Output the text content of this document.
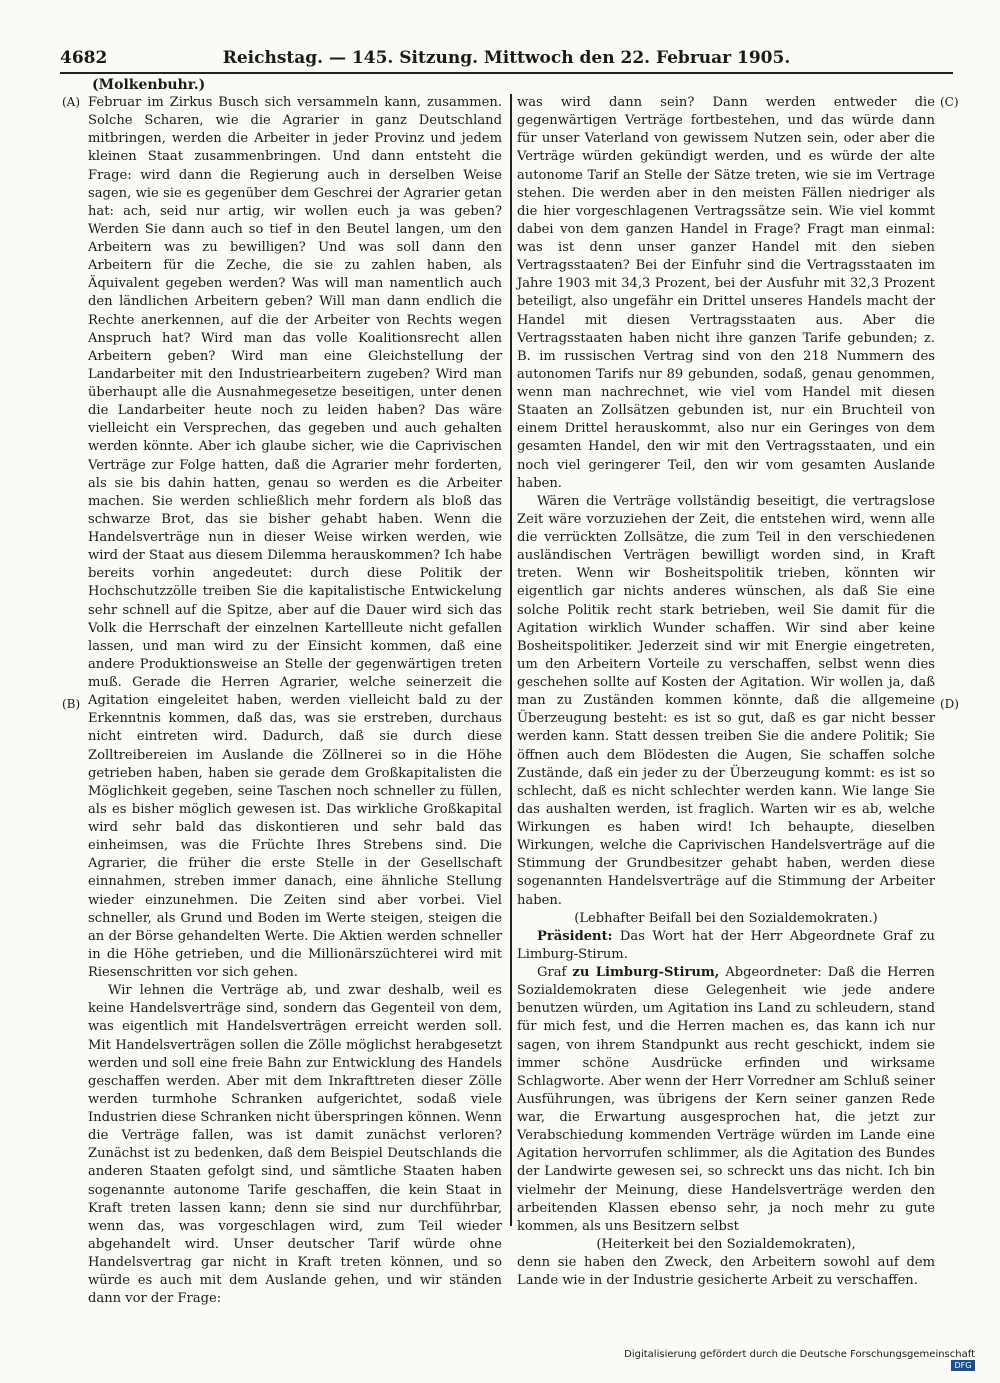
4682	Reichstag. — 145. Sitzung. Mittwoch den 22. Februar 1905.
(Molkenbuhr.)
(A)
(B)
(C)
(D)

Februar im Zirkus Busch sich versammeln kann, zusammen. Solche Scharen, wie die Agrarier in ganz Deutschland mitbringen, werden die Arbeiter in jeder Provinz und jedem kleinen Staat zusammenbringen. Und dann entsteht die Frage: wird dann die Regierung auch in derselben Weise sagen, wie sie es gegenüber dem Geschrei der Agrarier getan hat: ach, seid nur artig, wir wollen euch ja was geben? Werden Sie dann auch so tief in den Beutel langen, um den Arbeitern was zu bewilligen? Und was soll dann den Arbeitern für die Zeche, die sie zu zahlen haben, als Äquivalent gegeben werden? Was will man namentlich auch den ländlichen Arbeitern geben? Will man dann endlich die Rechte anerkennen, auf die der Arbeiter von Rechts wegen Anspruch hat? Wird man das volle Koalitionsrecht allen Arbeitern geben? Wird man eine Gleichstellung der Landarbeiter mit den Industriearbeitern zugeben? Wird man überhaupt alle die Ausnahmegesetze beseitigen, unter denen die Landarbeiter heute noch zu leiden haben? Das wäre vielleicht ein Versprechen, das gegeben und auch gehalten werden könnte. Aber ich glaube sicher, wie die Caprivischen Verträge zur Folge hatten, daß die Agrarier mehr forderten, als sie bis dahin hatten, genau so werden es die Arbeiter machen. Sie werden schließlich mehr fordern als bloß das schwarze Brot, das sie bisher gehabt haben. Wenn die Handelsverträge nun in dieser Weise wirken werden, wie wird der Staat aus diesem Dilemma herauskommen? Ich habe bereits vorhin angedeutet: durch diese Politik der Hochschutzzölle treiben Sie die kapitalistische Entwickelung sehr schnell auf die Spitze, aber auf die Dauer wird sich das Volk die Herrschaft der einzelnen Kartellleute nicht gefallen lassen, und man wird zu der Einsicht kommen, daß eine andere Produktionsweise an Stelle der gegenwärtigen treten muß. Gerade die Herren Agrarier, welche seinerzeit die Agitation eingeleitet haben, werden vielleicht bald zu der Erkenntnis kommen, daß das, was sie erstreben, durchaus nicht eintreten wird. Dadurch, daß sie durch diese Zolltreibereien im Auslande die Zöllnerei so in die Höhe getrieben haben, haben sie gerade dem Großkapitalisten die Möglichkeit gegeben, seine Taschen noch schneller zu füllen, als es bisher möglich gewesen ist. Das wirkliche Großkapital wird sehr bald das diskontieren und sehr bald das einheimsen, was die Früchte Ihres Strebens sind. Die Agrarier, die früher die erste Stelle in der Gesellschaft einnahmen, streben immer danach, eine ähnliche Stellung wieder einzunehmen. Die Zeiten sind aber vorbei. Viel schneller, als Grund und Boden im Werte steigen, steigen die an der Börse gehandelten Werte. Die Aktien werden schneller in die Höhe getrieben, und die Millionärszüchterei wird mit Riesenschritten vor sich gehen.

Wir lehnen die Verträge ab, und zwar deshalb, weil es keine Handelsverträge sind, sondern das Gegenteil von dem, was eigentlich mit Handelsverträgen erreicht werden soll. Mit Handelsverträgen sollen die Zölle möglichst herabgesetzt werden und soll eine freie Bahn zur Entwicklung des Handels geschaffen werden. Aber mit dem Inkrafttreten dieser Zölle werden turmhohe Schranken aufgerichtet, sodaß viele Industrien diese Schranken nicht überspringen können. Wenn die Verträge fallen, was ist damit zunächst verloren? Zunächst ist zu bedenken, daß dem Beispiel Deutschlands die anderen Staaten gefolgt sind, und sämtliche Staaten haben sogenannte autonome Tarife geschaffen, die kein Staat in Kraft treten lassen kann; denn sie sind nur durchführbar, wenn das, was vorgeschlagen wird, zum Teil wieder abgehandelt wird. Unser deutscher Tarif würde ohne Handelsvertrag gar nicht in Kraft treten können, und so würde es auch mit dem Auslande gehen, und wir ständen dann vor der Frage:

was wird dann sein? Dann werden entweder die gegenwärtigen Verträge fortbestehen, und das würde dann für unser Vaterland von gewissem Nutzen sein, oder aber die Verträge würden gekündigt werden, und es würde der alte autonome Tarif an Stelle der Sätze treten, wie sie im Vertrage stehen. Die werden aber in den meisten Fällen niedriger als die hier vorgeschlagenen Vertragssätze sein. Wie viel kommt dabei von dem ganzen Handel in Frage? Fragt man einmal: was ist denn unser ganzer Handel mit den sieben Vertragsstaaten? Bei der Einfuhr sind die Vertragsstaaten im Jahre 1903 mit 34,3 Prozent, bei der Ausfuhr mit 32,3 Prozent beteiligt, also ungefähr ein Drittel unseres Handels macht der Handel mit diesen Vertragsstaaten aus. Aber die Vertragsstaaten haben nicht ihre ganzen Tarife gebunden; z. B. im russischen Vertrag sind von den 218 Nummern des autonomen Tarifs nur 89 gebunden, sodaß, genau genommen, wenn man nachrechnet, wie viel vom Handel mit diesen Staaten an Zollsätzen gebunden ist, nur ein Bruchteil von einem Drittel herauskommt, also nur ein Geringes von dem gesamten Handel, den wir mit den Vertragsstaaten, und ein noch viel geringerer Teil, den wir vom gesamten Auslande haben.

Wären die Verträge vollständig beseitigt, die vertragslose Zeit wäre vorzuziehen der Zeit, die entstehen wird, wenn alle die verrückten Zollsätze, die zum Teil in den verschiedenen ausländischen Verträgen bewilligt worden sind, in Kraft treten. Wenn wir Bosheitspolitik trieben, könnten wir eigentlich gar nichts anderes wünschen, als daß Sie eine solche Politik recht stark betrieben, weil Sie damit für die Agitation wirklich Wunder schaffen. Wir sind aber keine Bosheitspolitiker. Jederzeit sind wir mit Energie eingetreten, um den Arbeitern Vorteile zu verschaffen, selbst wenn dies geschehen sollte auf Kosten der Agitation. Wir wollen ja, daß man zu Zuständen kommen könnte, daß die allgemeine Überzeugung besteht: es ist so gut, daß es gar nicht besser werden kann. Statt dessen treiben Sie die andere Politik; Sie öffnen auch dem Blödesten die Augen, Sie schaffen solche Zustände, daß ein jeder zu der Überzeugung kommt: es ist so schlecht, daß es nicht schlechter werden kann. Wie lange Sie das aushalten werden, ist fraglich. Warten wir es ab, welche Wirkungen es haben wird! Ich behaupte, dieselben Wirkungen, welche die Caprivischen Handelsverträge auf die Stimmung der Grundbesitzer gehabt haben, werden diese sogenannten Handelsverträge auf die Stimmung der Arbeiter haben.

(Lebhafter Beifall bei den Sozialdemokraten.)

Präsident: Das Wort hat der Herr Abgeordnete Graf zu Limburg-Stirum.

Graf zu Limburg-Stirum, Abgeordneter: Daß die Herren Sozialdemokraten diese Gelegenheit wie jede andere benutzen würden, um Agitation ins Land zu schleudern, stand für mich fest, und die Herren machen es, das kann ich nur sagen, von ihrem Standpunkt aus recht geschickt, indem sie immer schöne Ausdrücke erfinden und wirksame Schlagworte. Aber wenn der Herr Vorredner am Schluß seiner Ausführungen, was übrigens der Kern seiner ganzen Rede war, die Erwartung ausgesprochen hat, die jetzt zur Verabschiedung kommenden Verträge würden im Lande eine Agitation hervorrufen schlimmer, als die Agitation des Bundes der Landwirte gewesen sei, so schreckt uns das nicht. Ich bin vielmehr der Meinung, diese Handelsverträge werden den arbeitenden Klassen ebenso sehr, ja noch mehr zu gute kommen, als uns Besitzern selbst

(Heiterkeit bei den Sozialdemokraten),

denn sie haben den Zweck, den Arbeitern sowohl auf dem Lande wie in der Industrie gesicherte Arbeit zu verschaffen.

Digitalisierung gefördert durch die Deutsche Forschungsgemeinschaft DFG
